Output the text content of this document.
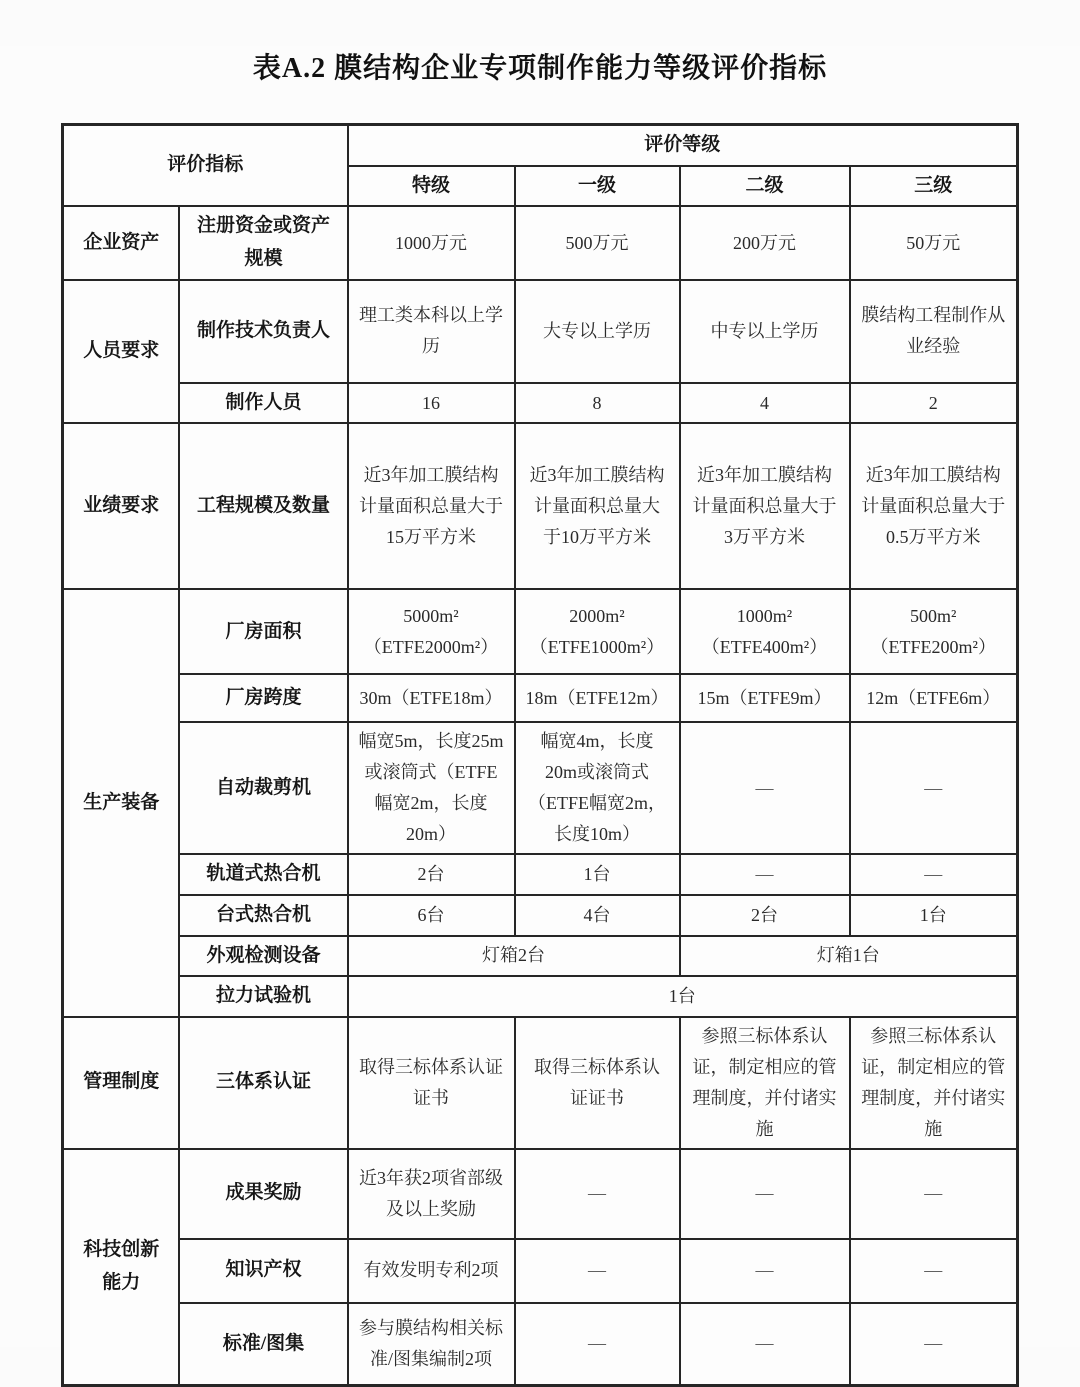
表A.2 膜结构企业专项制作能力等级评价指标
评价指标		评价等级			
		特级	一级	二级	三级
企业资产	注册资金或资产规模	1000万元	500万元	200万元	50万元
人员要求	制作技术负责人	理工类本科以上学历	大专以上学历	中专以上学历	膜结构工程制作从业经验
	制作人员	16	8	4	2
业绩要求	工程规模及数量	近3年加工膜结构计量面积总量大于15万平方米	近3年加工膜结构计量面积总量大于10万平方米	近3年加工膜结构计量面积总量大于3万平方米	近3年加工膜结构计量面积总量大于0.5万平方米
生产装备	厂房面积	5000m²（ETFE2000m²）	2000m²（ETFE1000m²）	1000m²（ETFE400m²）	500m²（ETFE200m²）
	厂房跨度	30m（ETFE18m）	18m（ETFE12m）	15m（ETFE9m）	12m（ETFE6m）
	自动裁剪机	幅宽5m，长度25m或滚筒式（ETFE幅宽2m，长度20m）	幅宽4m，长度20m或滚筒式（ETFE幅宽2m，长度10m）	—	—
	轨道式热合机	2台	1台	—	—
	台式热合机	6台	4台	2台	1台
	外观检测设备	灯箱2台		灯箱1台	
	拉力试验机	1台			
管理制度	三体系认证	取得三标体系认证证书	取得三标体系认证证书	参照三标体系认证，制定相应的管理制度，并付诸实施	参照三标体系认证，制定相应的管理制度，并付诸实施
科技创新能力	成果奖励	近3年获2项省部级及以上奖励	—	—	—
	知识产权	有效发明专利2项	—	—	—
	标准/图集	参与膜结构相关标准/图集编制2项	—	—	—
